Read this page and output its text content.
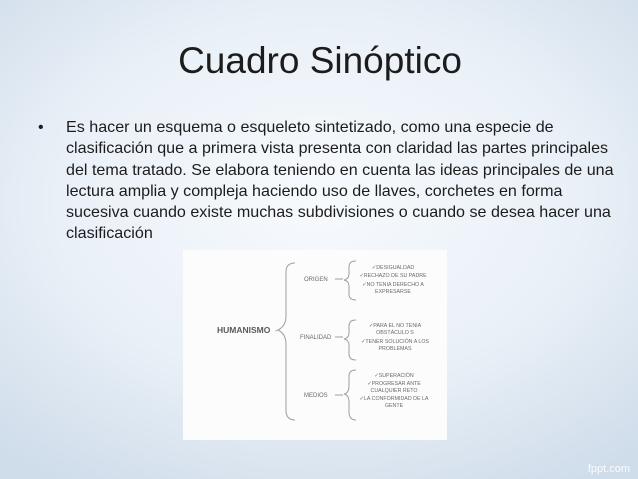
Cuadro Sinóptico
• Es hacer un esquema o esqueleto sintetizado, como una especie de clasificación que a primera vista presenta con claridad las partes principales del tema tratado. Se elabora teniendo en cuenta las ideas principales de una lectura amplia y compleja haciendo uso de llaves, corchetes en forma sucesiva cuando existe muchas subdivisiones o cuando se desea hacer una clasificación
HUMANISMO -
ORIGEN
FINALIDAD
MEDIOS
✓DESIGUALDAD
✓RECHAZO DE SU PADRE
✓NO TENIA DERECHO A
EXPRESARSE
✓PARA EL NO TENIA
OBSTÁCULO S
✓TENER SOLUCIÓN A LOS
PROBLEMAS
✓SUPERACIÓN
✓PROGRESAR ANTE
CUALQUIER RETO
✓LA CONFORMIDAD DE LA
GENTE
fppt.com
